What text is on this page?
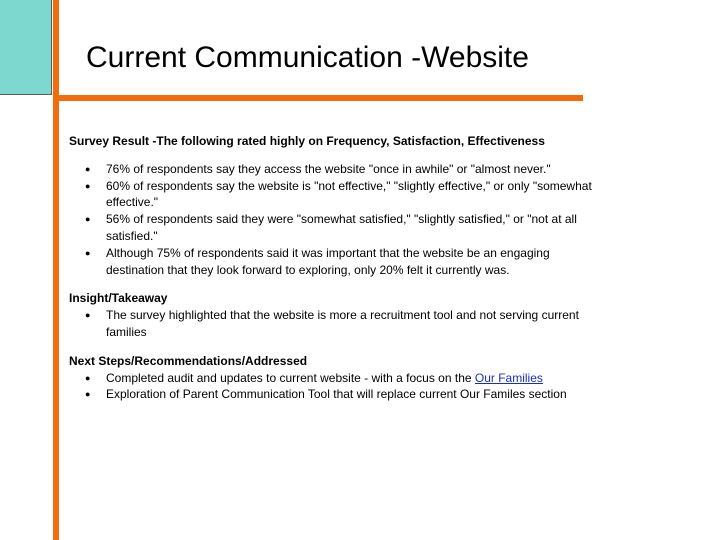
Current Communication -Website

Survey Result -The following rated highly on Frequency, Satisfaction, Effectiveness

● 76% of respondents say they access the website "once in awhile" or "almost never."
● 60% of respondents say the website is "not effective," "slightly effective," or only "somewhat effective."
● 56% of respondents said they were "somewhat satisfied," "slightly satisfied," or "not at all satisfied."
● Although 75% of respondents said it was important that the website be an engaging destination that they look forward to exploring, only 20% felt it currently was.

Insight/Takeaway

● The survey highlighted that the website is more a recruitment tool and not serving current families

Next Steps/Recommendations/Addressed

● Completed audit and updates to current website - with a focus on the Our Families
● Exploration of Parent Communication Tool that will replace current Our Familes section
